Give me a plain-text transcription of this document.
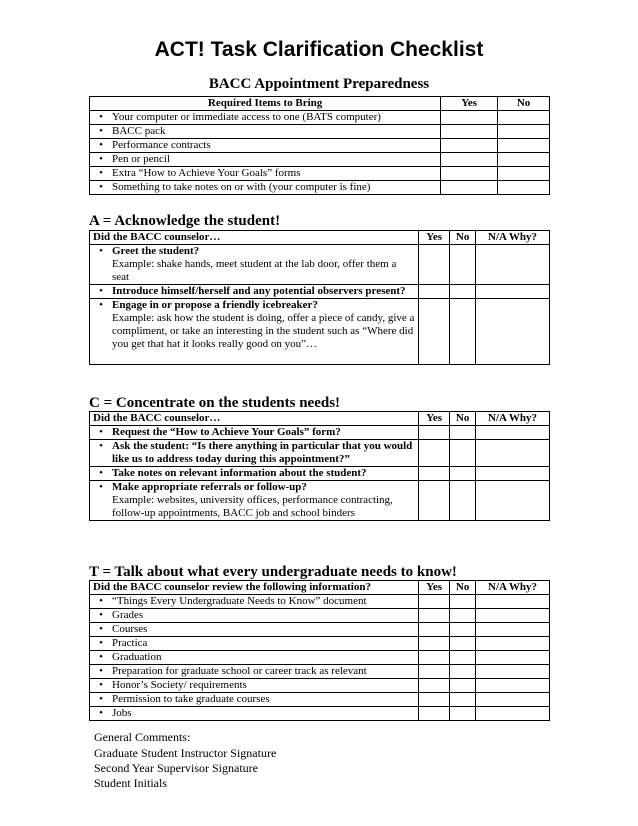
ACT! Task Clarification Checklist
BACC Appointment Preparedness
Required Items to Bring	Yes	No

• Your computer or immediate access to one (BATS computer)		

• BACC pack		

• Performance contracts		

• Pen or pencil		

• Extra “How to Achieve Your Goals” forms		

• Something to take notes on or with (your computer is fine)		

A = Acknowledge the student!
Did the BACC counselor…	Yes	No	N/A Why?

• Greet the student?
Example: shake hands, meet student at the lab door, offer them a seat			

• Introduce himself/herself and any potential observers present?			

• Engage in or propose a friendly icebreaker?
Example: ask how the student is doing, offer a piece of candy, give a compliment, or take an interesting in the student such as “Where did you get that hat it looks really good on you”…			

C = Concentrate on the students needs!
Did the BACC counselor…	Yes	No	N/A Why?

• Request the “How to Achieve Your Goals” form?			

• Ask the student: “Is there anything in particular that you would like us to address today during this appointment?”			

• Take notes on relevant information about the student?			

• Make appropriate referrals or follow-up?
Example: websites, university offices, performance contracting, follow-up appointments, BACC job and school binders			

T = Talk about what every undergraduate needs to know!
Did the BACC counselor review the following information?	Yes	No	N/A Why?

• “Things Every Undergraduate Needs to Know” document			

• Grades			

• Courses			

• Practica			

• Graduation			

• Preparation for graduate school or career track as relevant			

• Honor’s Society/ requirements			

• Permission to take graduate courses			

• Jobs			

General Comments:
Graduate Student Instructor Signature
Second Year Supervisor Signature
Student Initials
